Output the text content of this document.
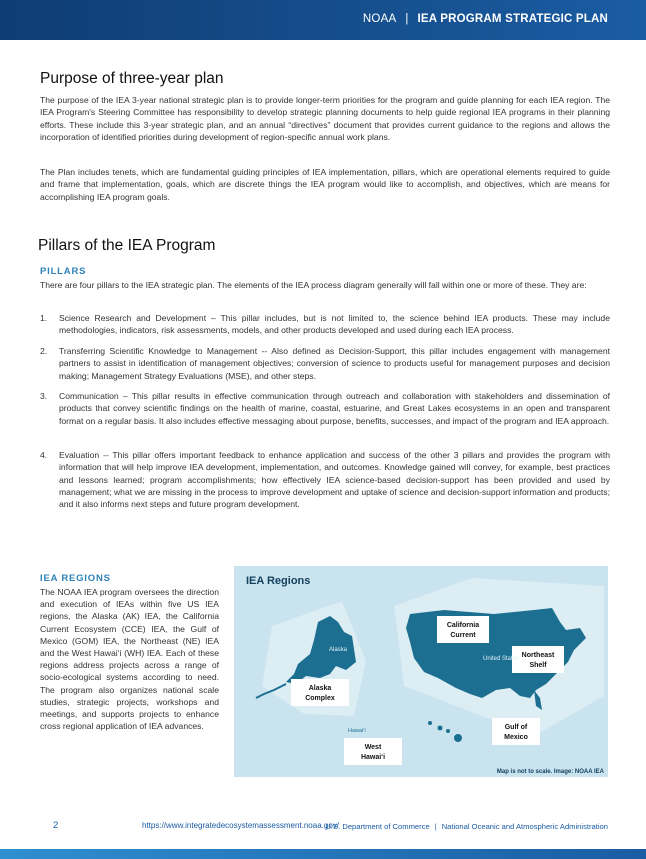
NOAA | IEA PROGRAM STRATEGIC PLAN
Purpose of three-year plan

The purpose of the IEA 3-year national strategic plan is to provide longer-term priorities for the program and guide planning for each IEA region. The IEA Program's Steering Committee has responsibility to develop strategic planning documents to help guide regional IEA programs in their planning efforts. These include this 3-year strategic plan, and an annual “directives” document that provides current guidance to the regions and allows the incorporation of identified priorities during development of region-specific annual work plans.

The Plan includes tenets, which are fundamental guiding principles of IEA implementation, pillars, which are operational elements required to guide and frame that implementation, goals, which are discrete things the IEA program would like to accomplish, and objectives, which are means for accomplishing IEA program goals.

Pillars of the IEA Program
PILLARS

There are four pillars to the IEA strategic plan. The elements of the IEA process diagram generally will fall within one or more of these. They are:

1. Science Research and Development – This pillar includes, but is not limited to, the science behind IEA products. These may include methodologies, indicators, risk assessments, models, and other products developed and used during each IEA process.
2. Transferring Scientific Knowledge to Management -- Also defined as Decision-Support, this pillar includes engagement with management partners to assist in identification of management objectives; conversion of science to products useful for management purposes and decision making; Management Strategy Evaluations (MSE), and other steps.
3. Communication – This pillar results in effective communication through outreach and collaboration with stakeholders and dissemination of products that convey scientific findings on the health of marine, coastal, estuarine, and Great Lakes ecosystems in an open and transparent format on a regular basis. It also includes effective messaging about purpose, benefits, successes, and impact of the program and IEA approach.
4. Evaluation -- This pillar offers important feedback to enhance application and success of the other 3 pillars and provides the program with information that will help improve IEA development, implementation, and outcomes. Knowledge gained will convey, for example, best practices and lessons learned; program accomplishments; how effectively IEA science-based decision-support has been provided and used by management; what we are missing in the process to improve development and uptake of science and decision-support information and products; and it also informs next steps and future program development.
IEA REGIONS

The NOAA IEA program oversees the direction and execution of IEAs within five US IEA regions, the Alaska (AK) IEA, the California Current Ecosystem (CCE) IEA, the Gulf of Mexico (GOM) IEA, the Northeast (NE) IEA and the West Hawai‘i (WH) IEA. Each of these regions address projects across a range of socio-ecological systems according to need. The program also organizes national scale studies, strategic projects, workshops and meetings, and supports projects to enhance cross regional application of IEA advances.

IEA Regions
Alaska
United States
Hawai‘i
Alaska
Complex
California
Current
Northeast
Shelf
Gulf of
Mexico
West
Hawai‘i
Map is not to scale. Image: NOAA IEA
2	https://www.integratedecosystemassessment.noaa.gov/
U.S. Department of Commerce | National Oceanic and Atmospheric Administration
